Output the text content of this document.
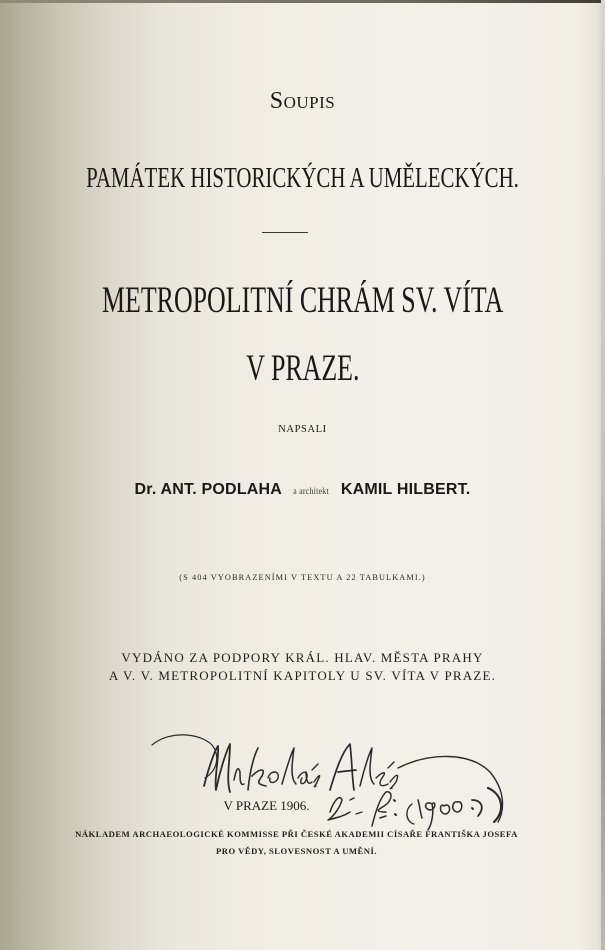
Soupis
PAMÁTEK HISTORICKÝCH A UMĚLECKÝCH.
METROPOLITNÍ CHRÁM SV. VÍTA
V PRAZE.
NAPSALI
Dr. ANT. PODLAHA a architekt KAMIL HILBERT.
(S 404 VYOBRAZENÍMI V TEXTU A 22 TABULKAMI.)
VYDÁNO ZA PODPORY KRÁL. HLAV. MĚSTA PRAHY
A V. V. METROPOLITNÍ KAPITOLY U SV. VÍTA V PRAZE.
V PRAZE 1906.
NÁKLADEM ARCHAEOLOGICKÉ KOMMISSE PŘI ČESKÉ AKADEMII CÍSAŘE FRANTIŠKA JOSEFA
PRO VĚDY, SLOVESNOST A UMĚNÍ.
